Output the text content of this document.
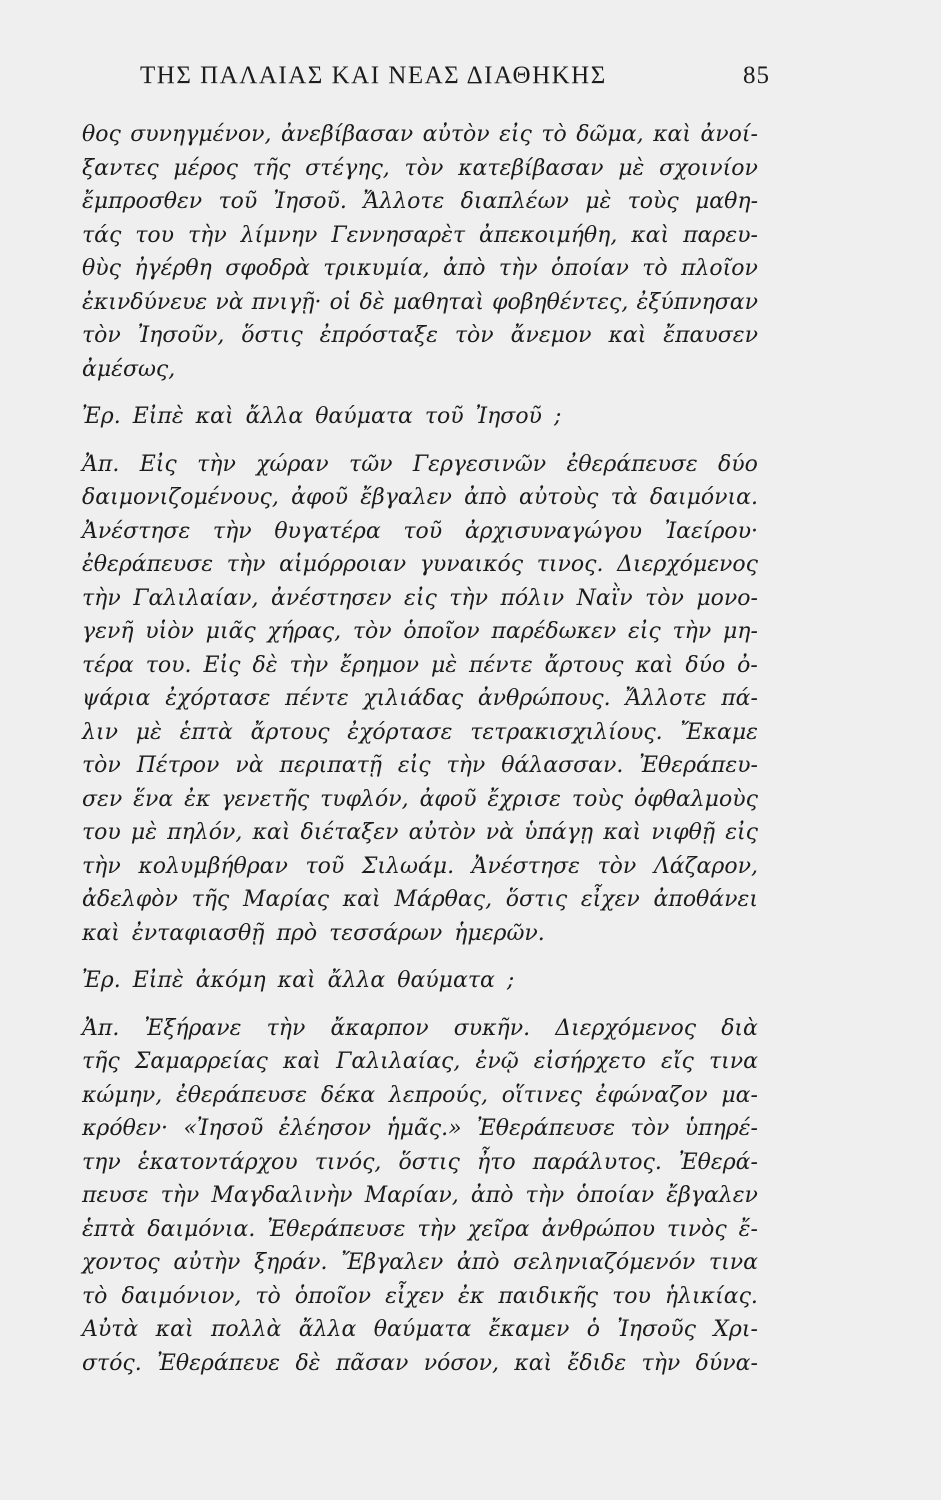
ΤΗΣ ΠΑΛΑΙΑΣ ΚΑΙ ΝΕΑΣ ΔΙΑΘΗΚΗΣ	85
θος συνηγμένον, ἀνεβίβασαν αὐτὸν εἰς τὸ δῶμα, καὶ ἀνοί-
ξαντες μέρος τῆς στέγης, τὸν κατεβίβασαν μὲ σχοινίον
ἔμπροσθεν τοῦ Ἰησοῦ. Ἄλλοτε διαπλέων μὲ τοὺς μαθη-
τάς του τὴν λίμνην Γεννησαρὲτ ἀπεκοιμήθη, καὶ παρευ-
θὺς ἠγέρθη σφοδρὰ τρικυμία, ἀπὸ τὴν ὁποίαν τὸ πλοῖον
ἐκινδύνευε νὰ πνιγῇ· οἱ δὲ μαθηταὶ φοβηθέντες, ἐξύπνησαν
τὸν Ἰησοῦν, ὅστις ἐπρόσταξε τὸν ἄνεμον καὶ ἔπαυσεν
ἀμέσως,
Ἐρ. Εἰπὲ καὶ ἄλλα θαύματα τοῦ Ἰησοῦ ;
Ἀπ. Εἰς τὴν χώραν τῶν Γεργεσινῶν ἐθεράπευσε δύο
δαιμονιζομένους, ἀφοῦ ἔβγαλεν ἀπὸ αὐτοὺς τὰ δαιμόνια.
Ἀνέστησε τὴν θυγατέρα τοῦ ἀρχισυναγώγου Ἰαείρου·
ἐθεράπευσε τὴν αἱμόρροιαν γυναικός τινος. Διερχόμενος
τὴν Γαλιλαίαν, ἀνέστησεν εἰς τὴν πόλιν Ναῒν τὸν μονο-
γενῆ υἱὸν μιᾶς χήρας, τὸν ὁποῖον παρέδωκεν εἰς τὴν μη-
τέρα του. Εἰς δὲ τὴν ἔρημον μὲ πέντε ἄρτους καὶ δύο ὀ-
ψάρια ἐχόρτασε πέντε χιλιάδας ἀνθρώπους. Ἄλλοτε πά-
λιν μὲ ἑπτὰ ἄρτους ἐχόρτασε τετρακισχιλίους. Ἔκαμε
τὸν Πέτρον νὰ περιπατῇ εἰς τὴν θάλασσαν. Ἐθεράπευ-
σεν ἕνα ἐκ γενετῆς τυφλόν, ἀφοῦ ἔχρισε τοὺς ὀφθαλμοὺς
του μὲ πηλόν, καὶ διέταξεν αὐτὸν νὰ ὑπάγῃ καὶ νιφθῇ εἰς
τὴν κολυμβήθραν τοῦ Σιλωάμ. Ἀνέστησε τὸν Λάζαρον,
ἀδελφὸν τῆς Μαρίας καὶ Μάρθας, ὅστις εἶχεν ἀποθάνει
καὶ ἐνταφιασθῇ πρὸ τεσσάρων ἡμερῶν.
Ἐρ. Εἰπὲ ἀκόμη καὶ ἄλλα θαύματα ;
Ἀπ. Ἐξήρανε τὴν ἄκαρπον συκῆν. Διερχόμενος διὰ
τῆς Σαμαρρείας καὶ Γαλιλαίας, ἐνῷ εἰσήρχετο εἴς τινα
κώμην, ἐθεράπευσε δέκα λεπρούς, οἵτινες ἐφώναζον μα-
κρόθεν· «Ἰησοῦ ἐλέησον ἡμᾶς.» Ἐθεράπευσε τὸν ὑπηρέ-
την ἑκατοντάρχου τινός, ὅστις ἦτο παράλυτος. Ἐθερά-
πευσε τὴν Μαγδαλινὴν Μαρίαν, ἀπὸ τὴν ὁποίαν ἔβγαλεν
ἑπτὰ δαιμόνια. Ἐθεράπευσε τὴν χεῖρα ἀνθρώπου τινὸς ἔ-
χοντος αὐτὴν ξηράν. Ἔβγαλεν ἀπὸ σεληνιαζόμενόν τινα
τὸ δαιμόνιον, τὸ ὁποῖον εἶχεν ἐκ παιδικῆς του ἡλικίας.
Αὐτὰ καὶ πολλὰ ἄλλα θαύματα ἔκαμεν ὁ Ἰησοῦς Χρι-
στός. Ἐθεράπευε δὲ πᾶσαν νόσον, καὶ ἔδιδε τὴν δύνα-
